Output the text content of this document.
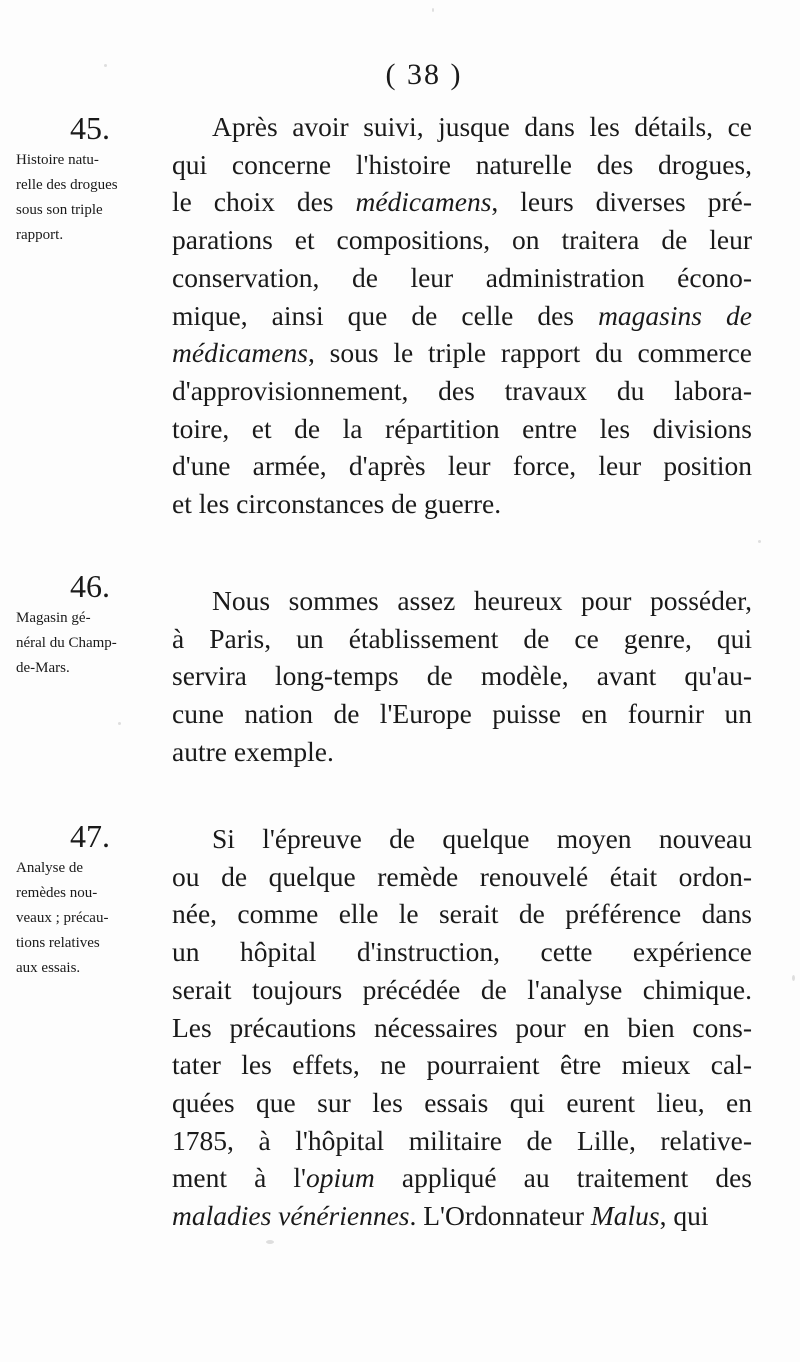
( 38 )
45.
Histoire natu-
relle des drogues
sous son triple
rapport.
Après avoir suivi, jusque dans les détails, ce
qui concerne l'histoire naturelle des drogues,
le choix des médicamens, leurs diverses pré-
parations et compositions, on traitera de leur
conservation, de leur administration écono-
mique, ainsi que de celle des magasins de
médicamens, sous le triple rapport du commerce
d'approvisionnement, des travaux du labora-
toire, et de la répartition entre les divisions
d'une armée, d'après leur force, leur position
et les circonstances de guerre.
46.
Magasin gé-
néral du Champ-
de-Mars.
Nous sommes assez heureux pour posséder,
à Paris, un établissement de ce genre, qui
servira long-temps de modèle, avant qu'au-
cune nation de l'Europe puisse en fournir un
autre exemple.
47.
Analyse de
remèdes nou-
veaux ; précau-
tions relatives
aux essais.
Si l'épreuve de quelque moyen nouveau
ou de quelque remède renouvelé était ordon-
née, comme elle le serait de préférence dans
un hôpital d'instruction, cette expérience
serait toujours précédée de l'analyse chimique.
Les précautions nécessaires pour en bien cons-
tater les effets, ne pourraient être mieux cal-
quées que sur les essais qui eurent lieu, en
1785, à l'hôpital militaire de Lille, relative-
ment à l'opium appliqué au traitement des
maladies vénériennes. L'Ordonnateur Malus, qui
